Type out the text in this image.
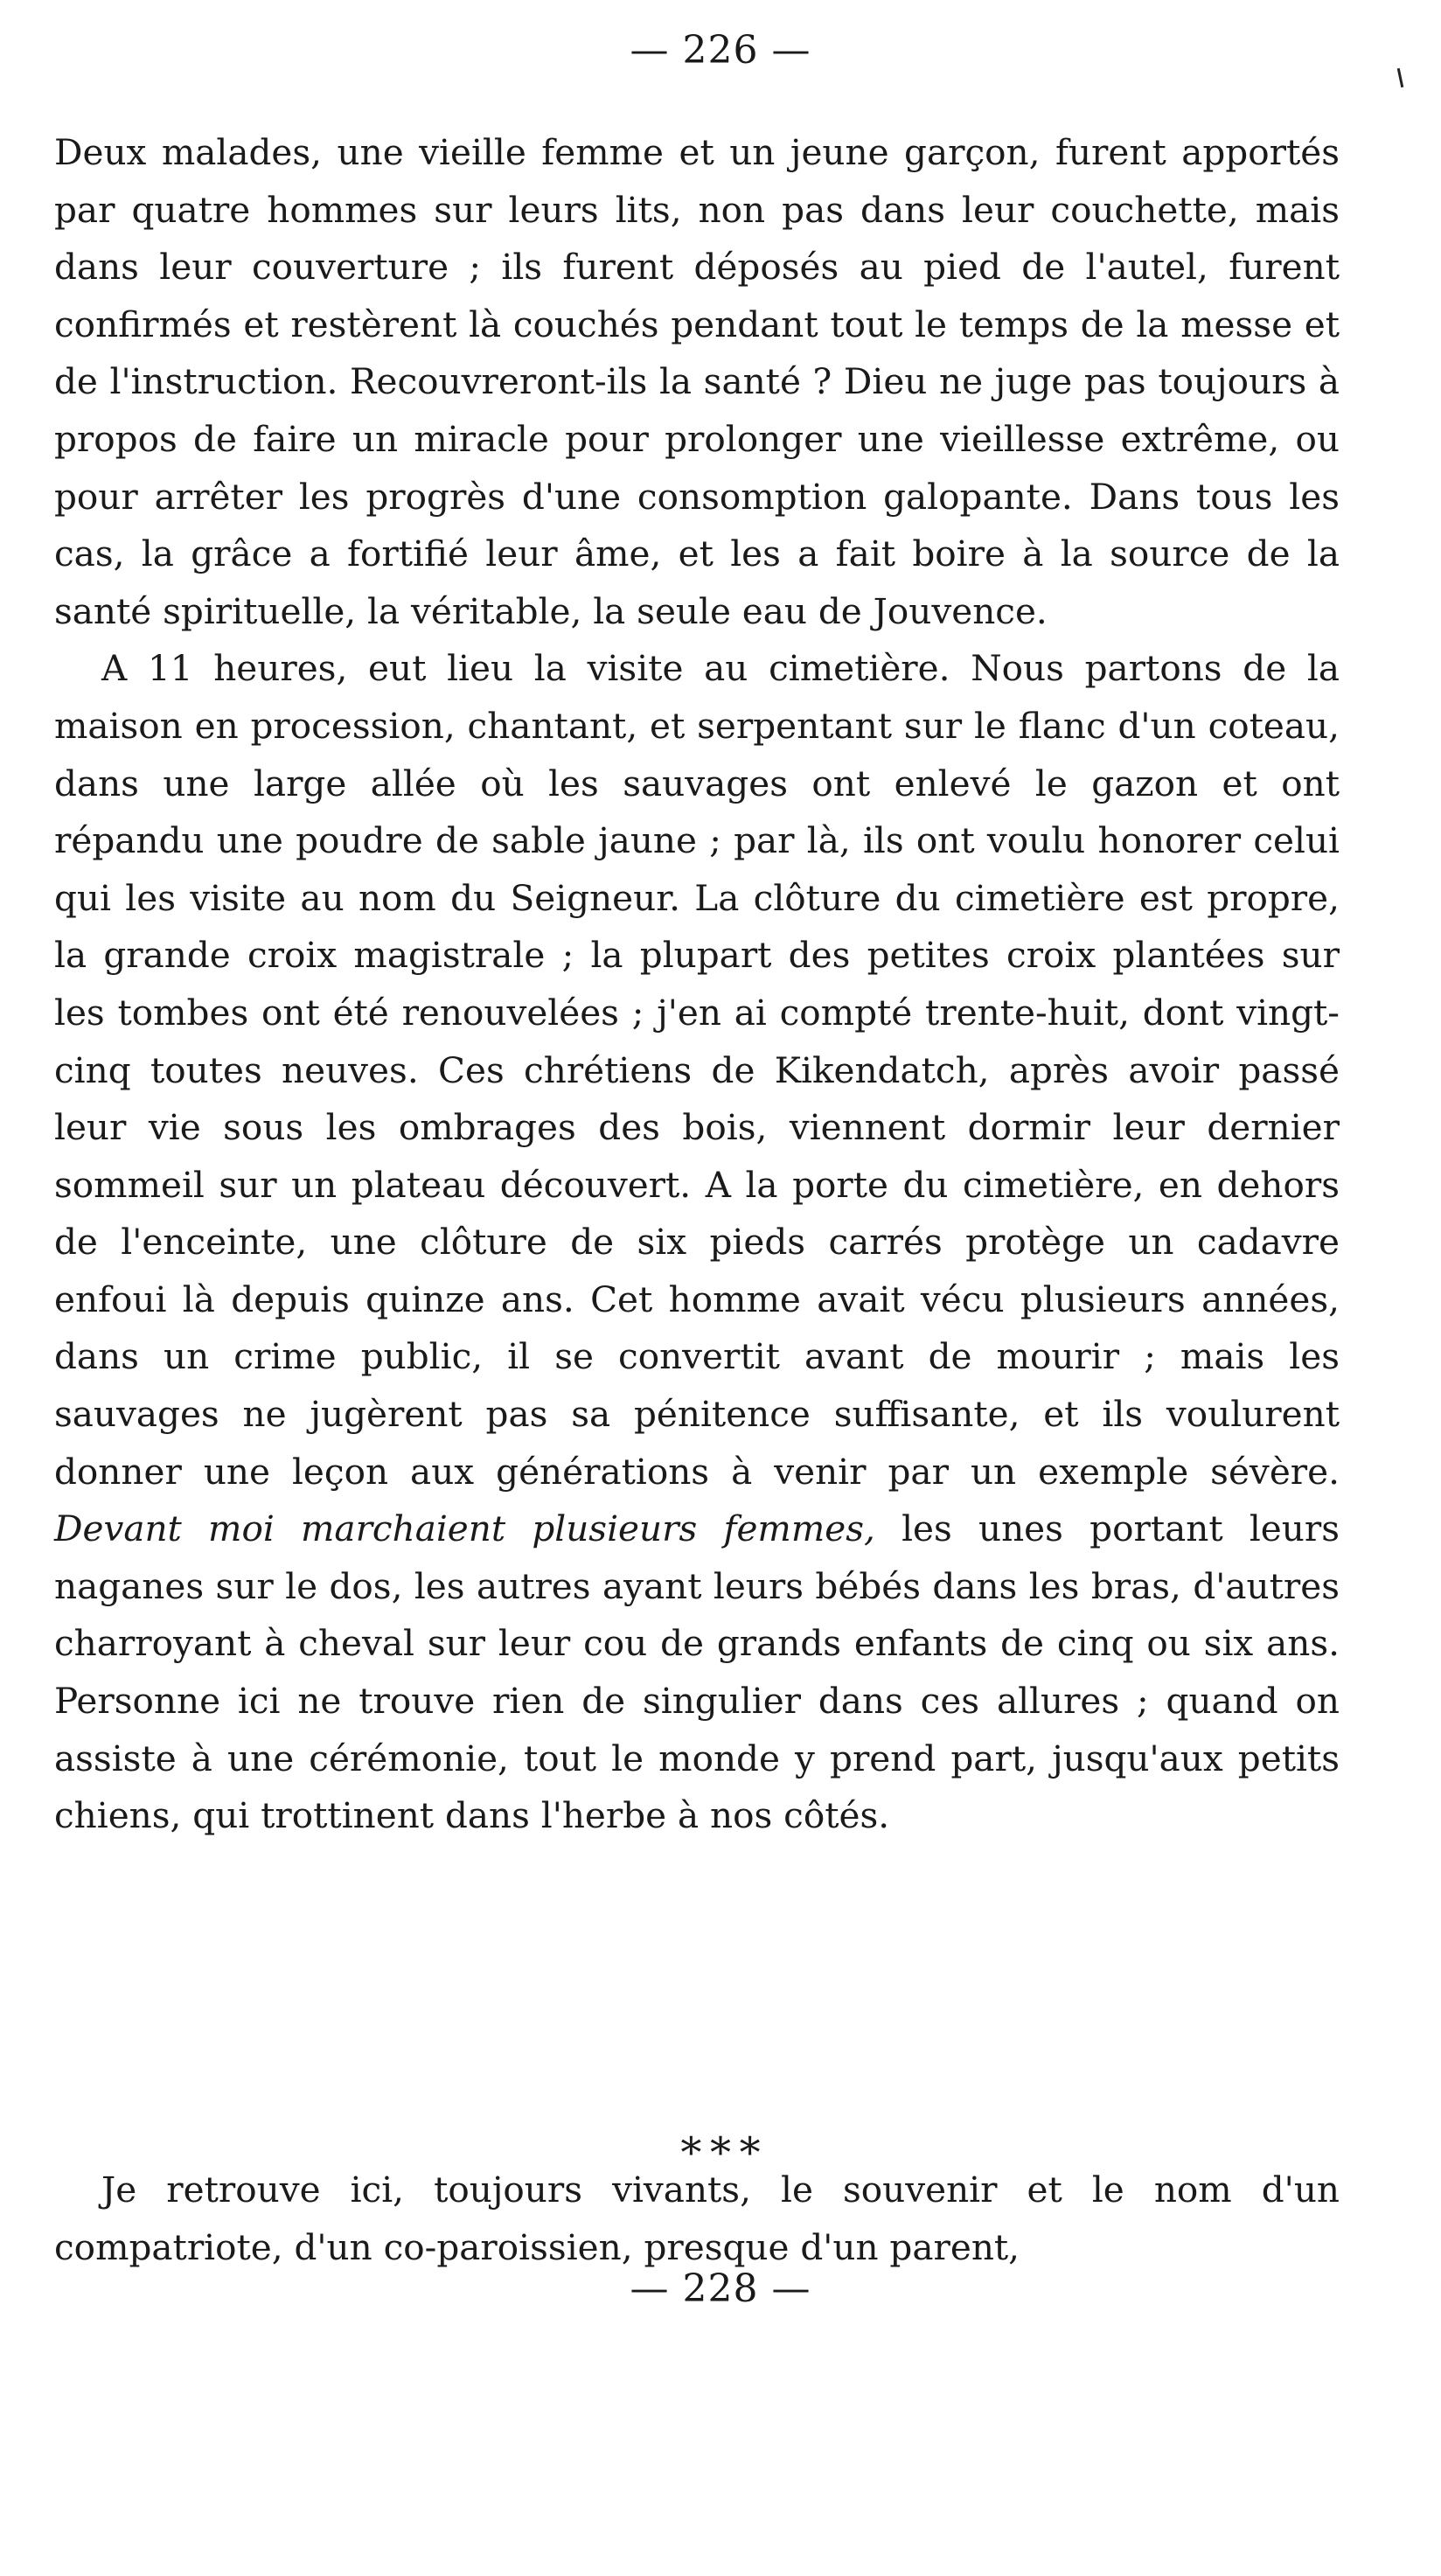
— 226 —

Deux malades, une vieille femme et un jeune garçon, furent apportés par quatre hommes sur leurs lits, non pas dans leur couchette, mais dans leur couverture ; ils furent déposés au pied de l'autel, furent confirmés et restèrent là couchés pendant tout le temps de la messe et de l'instruction. Recouvreront-ils la santé ? Dieu ne juge pas toujours à propos de faire un miracle pour prolonger une vieillesse extrême, ou pour arrêter les progrès d'une consomption galopante. Dans tous les cas, la grâce a fortifié leur âme, et les a fait boire à la source de la santé spirituelle, la véritable, la seule eau de Jouvence.

A 11 heures, eut lieu la visite au cimetière. Nous partons de la maison en procession, chantant, et serpentant sur le flanc d'un coteau, dans une large allée où les sauvages ont enlevé le gazon et ont répandu une poudre de sable jaune ; par là, ils ont voulu honorer celui qui les visite au nom du Seigneur. La clôture du cimetière est propre, la grande croix magistrale ; la plupart des petites croix plantées sur les tombes ont été renouvelées ; j'en ai compté trente-huit, dont vingt-cinq toutes neuves. Ces chrétiens de Kikendatch, après avoir passé leur vie sous les ombrages des bois, viennent dormir leur dernier sommeil sur un plateau découvert. A la porte du cimetière, en dehors de l'enceinte, une clôture de six pieds carrés protège un cadavre enfoui là depuis quinze ans. Cet homme avait vécu plusieurs années, dans un crime public, il se convertit avant de mourir ; mais les sauvages ne jugèrent pas sa pénitence suffisante, et ils voulurent donner une leçon aux générations à venir par un exemple sévère. Devant moi marchaient plusieurs femmes, les unes portant leurs naganes sur le dos, les autres ayant leurs bébés dans les bras, d'autres charroyant à cheval sur leur cou de grands enfants de cinq ou six ans. Personne ici ne trouve rien de singulier dans ces allures ; quand on assiste à une cérémonie, tout le monde y prend part, jusqu'aux petits chiens, qui trottinent dans l'herbe à nos côtés.

* * *

Je retrouve ici, toujours vivants, le souvenir et le nom d'un compatriote, d'un co-paroissien, presque d'un parent,

— 228 —
